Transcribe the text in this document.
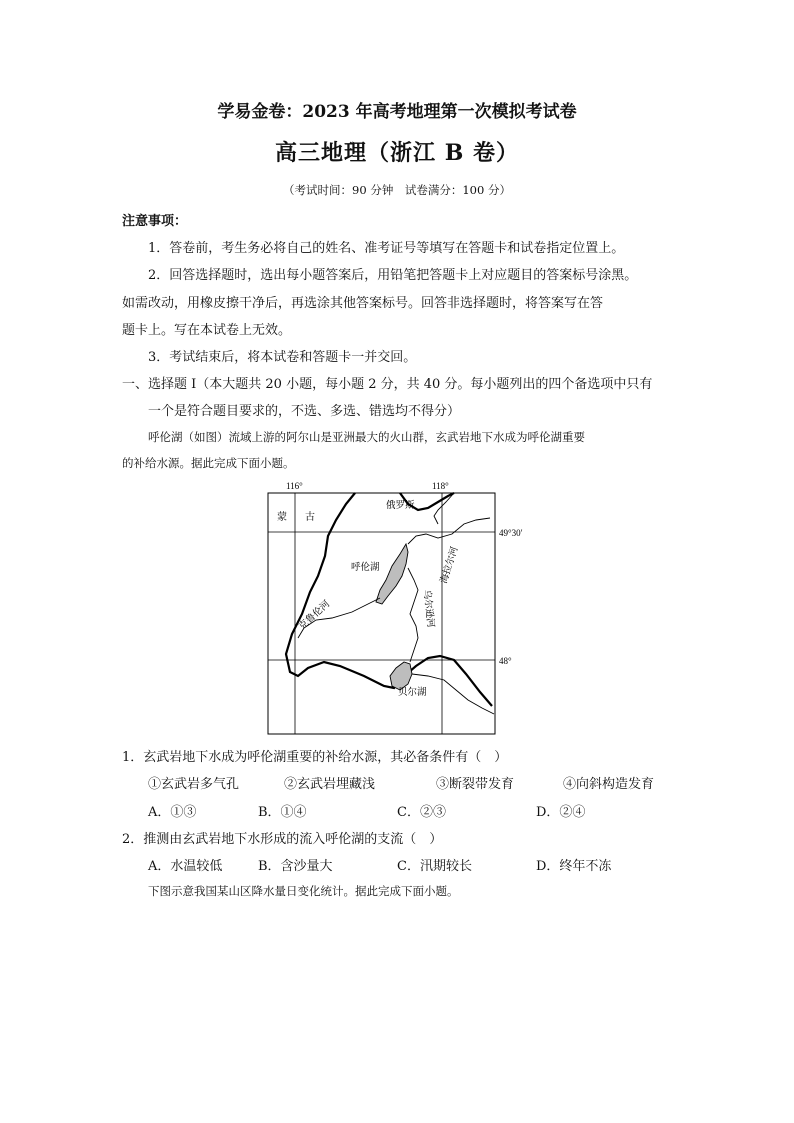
学易金卷：2023 年高考地理第一次模拟考试卷

高三地理（浙江 B 卷）

（考试时间：90 分钟　试卷满分：100 分）

注意事项：

1．答卷前，考生务必将自己的姓名、准考证号等填写在答题卡和试卷指定位置上。

2．回答选择题时，选出每小题答案后，用铅笔把答题卡上对应题目的答案标号涂黑。

如需改动，用橡皮擦干净后，再选涂其他答案标号。回答非选择题时，将答案写在答

题卡上。写在本试卷上无效。

3．考试结束后，将本试卷和答题卡一并交回。

一、选择题 I（本大题共 20 小题，每小题 2 分，共 40 分。每小题列出的四个备选项中只有

一个是符合题目要求的，不选、多选、错选均不得分）

呼伦湖（如图）流域上游的阿尔山是亚洲最大的火山群，玄武岩地下水成为呼伦湖重要

的补给水源。据此完成下面小题。

116°	118°
49°30′
48°
蒙 古
俄罗斯
呼伦湖	海拉尔河
克鲁伦河	乌尔逊河
贝尔湖

1．玄武岩地下水成为呼伦湖重要的补给水源，其必备条件有（　）

①玄武岩多气孔	②玄武岩埋藏浅	③断裂带发育	④向斜构造发育
A．①③	B．①④	C．②③	D．②④

2．推测由玄武岩地下水形成的流入呼伦湖的支流（　）

A．水温较低	B．含沙量大	C．汛期较长	D．终年不冻

下图示意我国某山区降水量日变化统计。据此完成下面小题。
